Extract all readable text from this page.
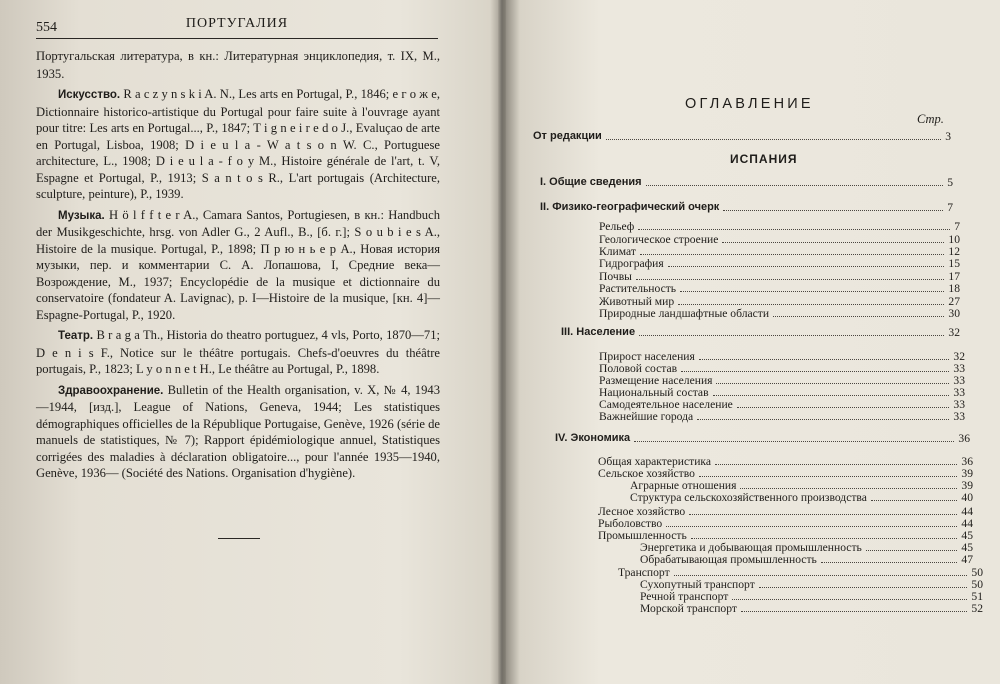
554	ПОРТУГАЛИЯ

Португальская литература, в кн.: Литературная энциклопедия, т. IX, М., 1935.

Искусство. R a c z y n s k i A. N., Les arts en Portugal, P., 1846; е г о ж е, Dictionnaire historico-artistique du Portugal pour faire suite à l'ouvrage ayant pour titre: Les arts en Portugal..., P., 1847; T i g n e i r e d o J., Evaluçao de arte en Portugal, Lisboa, 1908; D i e u l a - W a t s o n W. C., Portuguese architecture, L., 1908; D i e u l a - f o y M., Histoire générale de l'art, t. V, Espagne et Portugal, P., 1913; S a n t o s R., L'art portugais (Architecture, sculpture, peinture), P., 1939.

Музыка. H ö l f f t e r A., Camara Santos, Portugiesen, в кн.: Handbuch der Musikgeschichte, hrsg. von Adler G., 2 Aufl., B., [б. г.]; S o u b i e s A., Histoire de la musique. Portugal, P., 1898; П р ю н ь е р А., Новая история музыки, пер. и комментарии С. А. Лопашова, I, Средние века—Возрождение, М., 1937; Encyclopédie de la musique et dictionnaire du conservatoire (fondateur A. Lavignac), p. I—Histoire de la musique, [кн. 4]—Espagne-Portugal, P., 1920.

Театр. B r a g a Th., Historia do theatro portuguez, 4 vls, Porto, 1870—71; D e n i s F., Notice sur le théâtre portugais. Chefs-d'oeuvres du théâtre portugais, P., 1823; L y o n n e t H., Le théâtre au Portugal, P., 1898.

Здравоохранение. Bulletin of the Health organisation, v. X, № 4, 1943—1944, [изд.], League of Nations, Geneva, 1944; Les statistiques démographiques officielles de la République Portugaise, Genève, 1926 (série de manuels de statistiques, № 7); Rapport épidémiologique annuel, Statistiques corrigées des maladies à déclaration obligatoire..., pour l'année 1935—1940, Genève, 1936— (Société des Nations. Organisation d'hygiène).

ОГЛАВЛЕНИЕ
Стр.
От редакции	3
ИСПАНИЯ
I. Общие сведения	5
II. Физико-географический очерк	7
Рельеф	7
Геологическое строение	10
Климат	12
Гидрография	15
Почвы	17
Растительность	18
Животный мир	27
Природные ландшафтные области	30
III. Население	32
Прирост населения	32
Половой состав	33
Размещение населения	33
Национальный состав	33
Самодеятельное население	33
Важнейшие города	33
IV. Экономика	36
Общая характеристика	36
Сельское хозяйство	39
Аграрные отношения	39
Структура сельскохозяйственного производства	40
Лесное хозяйство	44
Рыболовство	44
Промышленность	45
Энергетика и добывающая промышленность	45
Обрабатывающая промышленность	47
Транспорт	50
Сухопутный транспорт	50
Речной транспорт	51
Морской транспорт	52
